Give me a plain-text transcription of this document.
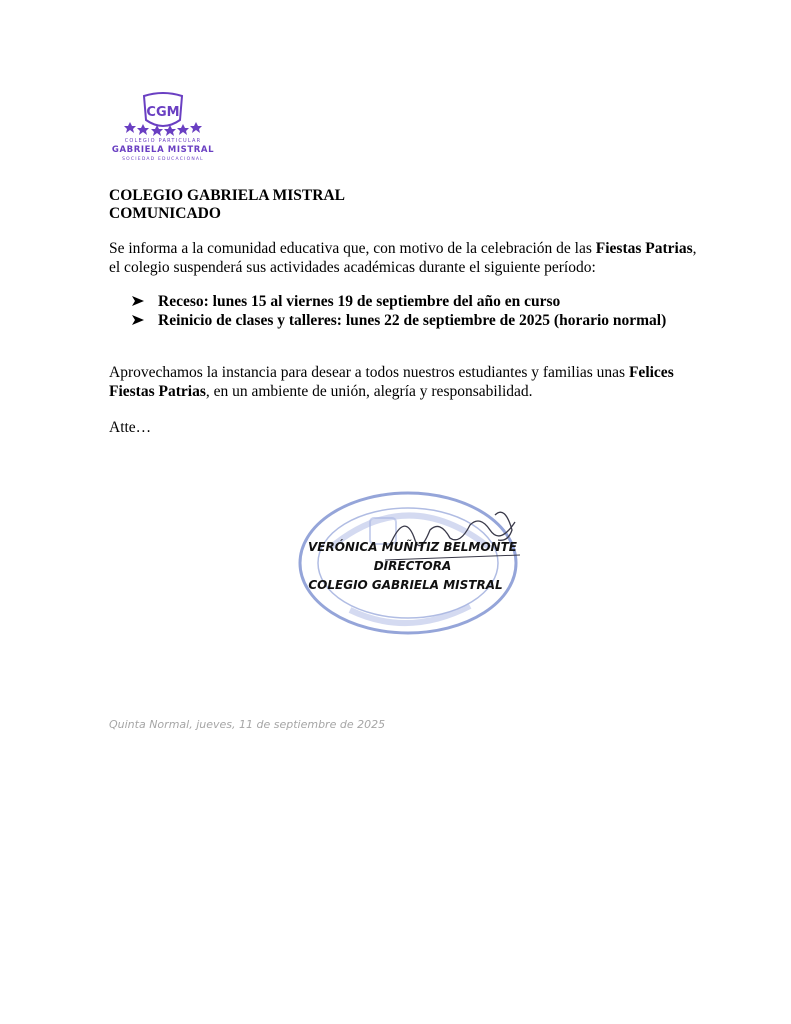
CGM
COLEGIO PARTICULAR
GABRIELA MISTRAL
SOCIEDAD EDUCACIONAL
COLEGIO GABRIELA MISTRAL
COMUNICADO
Se informa a la comunidad educativa que, con motivo de la celebración de las Fiestas Patrias, el colegio suspenderá sus actividades académicas durante el siguiente período:
Receso: lunes 15 al viernes 19 de septiembre del año en curso
Reinicio de clases y talleres: lunes 22 de septiembre de 2025 (horario normal)
Aprovechamos la instancia para desear a todos nuestros estudiantes y familias unas Felices Fiestas Patrias, en un ambiente de unión, alegría y responsabilidad.
Atte…
VERÓNICA MUÑITIZ BELMONTE
DIRECTORA
COLEGIO GABRIELA MISTRAL
Quinta Normal, jueves, 11 de septiembre de 2025
